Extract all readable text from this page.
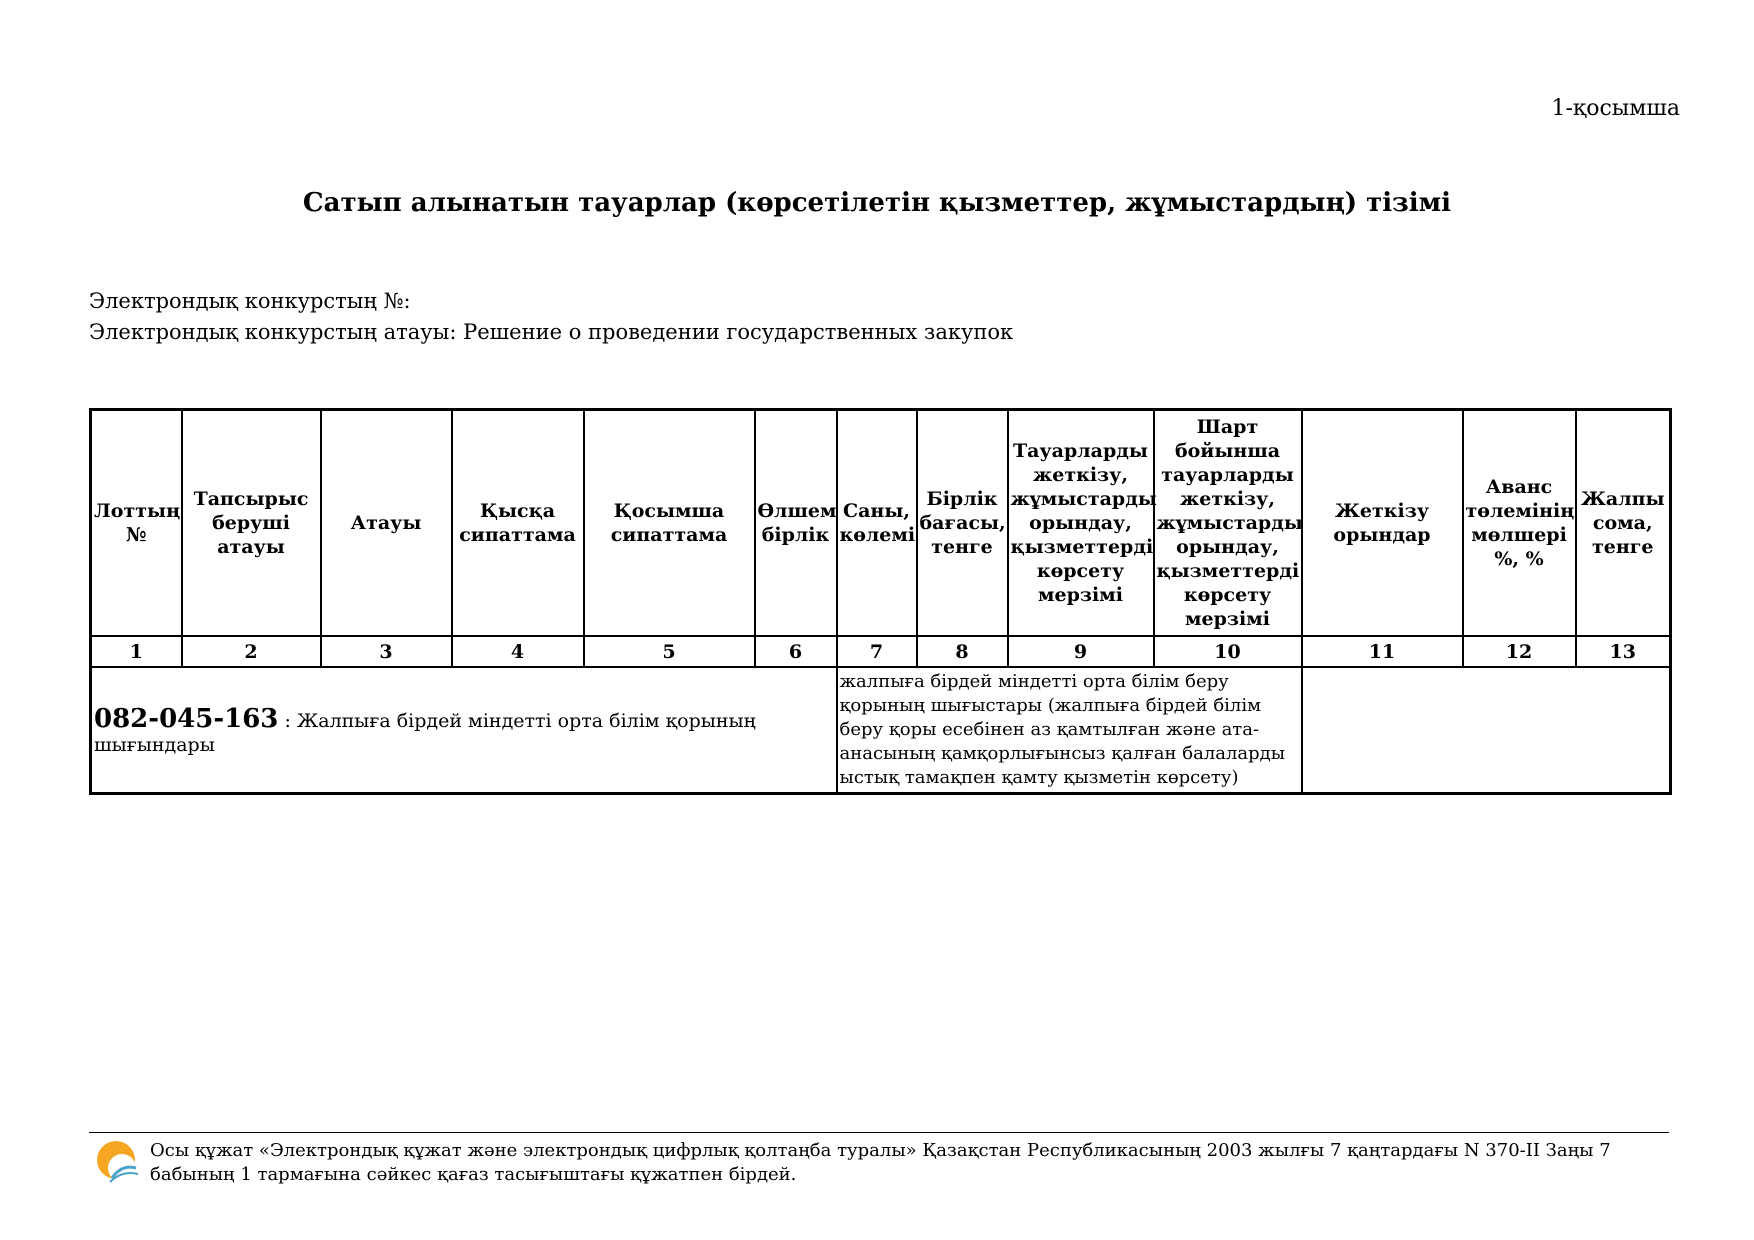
1-қосымша
Сатып алынатын тауарлар (көрсетілетін қызметтер, жұмыстардың) тізімі
Электрондық конкурстың №:
Электрондық конкурстың атауы: Решение о проведении государственных закупок
Лоттың №	Тапсырыс беруші атауы	Атауы	Қысқа сипаттама	Қосымша сипаттама	Өлшем бірлік	Саны, көлемі	Бірлік бағасы, тенге	Тауарларды жеткізу, жұмыстарды орындау, қызметтерді көрсету мерзімі	Шарт бойынша тауарларды жеткізу, жұмыстарды орындау, қызметтерді көрсету мерзімі	Жеткізу орындар	Аванс төлемінің мөлшері %, %	Жалпы сома, тенге
1	2	3	4	5	6	7	8	9	10	11	12	13
082-045-163 : Жалпыға бірдей міндетті орта білім қорының шығындары						жалпыға бірдей міндетті орта білім беру қорының шығыстары (жалпыға бірдей білім беру қоры есебінен аз қамтылған және ата-анасының қамқорлығынсыз қалған балаларды ыстық тамақпен қамту қызметін көрсету)						
Осы құжат «Электрондық құжат және электрондық цифрлық қолтаңба туралы» Қазақстан Республикасының 2003 жылғы 7 қаңтардағы N 370-II Заңы 7 бабының 1 тармағына сәйкес қағаз тасығыштағы құжатпен бірдей.
